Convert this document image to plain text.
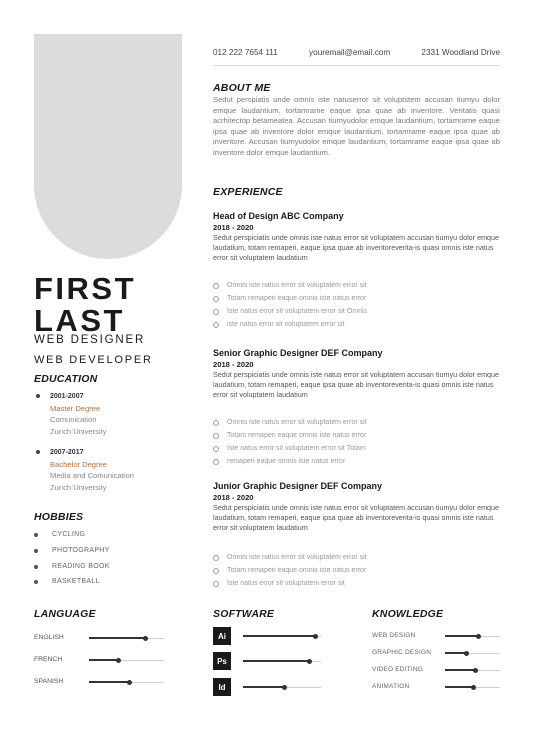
012 222 7654 111	youremail@email.com	2331 Woodland Drive
ABOUT ME
Sedut perspiatis unde omnis iste natuserror sit voluptstem accusan tiumyu dolor emque laudantium, tortamrame eaque ipsa quae ab inventore. Veritatis quasi acrhitectop betameatea. Accusan tiumyudolor emque laudantium, tortamrame eaque ipsa quae ab inventore dolor emque laudantium, tortamrame eaque ipsa quae ab inventore. Accusan tiumyudolor emque laudantium, tortamrame eaque ipsa quae ab inventore dolor emque laudantium.
EXPERIENCE
Head of Design ABC Company
2018 - 2020
Sedut perspiciatis unde omnis iste natus error sit voluptatem accusan tiumyu dolor emque laudatium, totam remaperi, eaque ipsa quae ab inventoreverita-is quasi omnis iste natus error sit voluptatem laudatium
Omnis iste natus error sit voluptatem error sit
Totam remaperi eaque omnis iste natus error
Iste natus error sit voluptatem error sit Omnis
iste natus error sit voluptatem error sit
Senior Graphic Designer DEF Company
2018 - 2020
Sedut perspiciatis unde omnis iste natus error sit voluptatem accusan tiumyu dolor emque laudatium, totam remaperi, eaque ipsa quae ab inventoreverita-is quasi omnis iste natus error sit voluptatem laudatium
Omnis iste natus error sit voluptatem error sit
Totam remaperi eaque omnis iste natus error
Iste natus error sit voluptatem error sit Totam
remaperi eaque omnis iste natus error
Junior Graphic Designer DEF Company
2018 - 2020
Sedut perspiciatis unde omnis iste natus error sit voluptatem accusan tiumyu dolor emque laudatium, totam remaperi, eaque ipsa quae ab inventoreverita-is quasi omnis iste natus error sit voluptatem laudatium
Omnis iste natus error sit voluptatem error sit
Totam remaperi eaque omnis iste natus error
Iste natus error sit voluptatem error sit
FIRST
LAST
WEB DESIGNER
WEB DEVELOPER
EDUCATION
2001-2007
Master Degree
Comunication
Zurich University
2007-2017
Bachelor Degree
Media and Comunication
Zurich University
HOBBIES
CYCLING
PHOTOGRAPHY
READING BOOK
BASKETBALL
LANGUAGE
ENGLISH
FRENCH
SPANISH
SOFTWARE
Ai
Ps
Id
KNOWLEDGE
WEB DESIGN
GRAPHIC DESIGN
VIDEO EDITING
ANIMATION
